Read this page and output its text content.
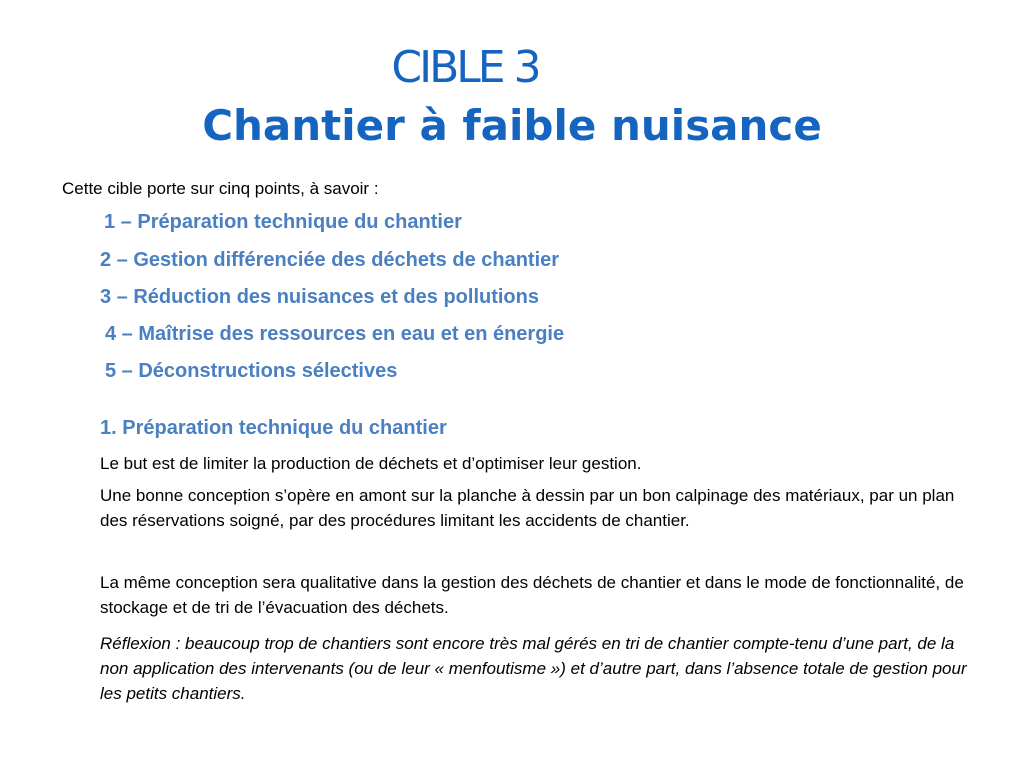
CIBLE 3
Chantier à faible nuisance
Cette cible porte sur cinq points, à savoir :
1 – Préparation technique du chantier
2 – Gestion différenciée des déchets de chantier
3 – Réduction des nuisances et des pollutions
4 – Maîtrise des ressources en eau et en énergie
5 – Déconstructions sélectives
1. Préparation technique du chantier
Le but est de limiter la production de déchets et d’optimiser leur gestion.
Une bonne conception s’opère en amont sur la planche à dessin par un bon calpinage des matériaux, par un plan des réservations soigné, par des procédures limitant les accidents de chantier.
La même conception sera qualitative dans la gestion des déchets de chantier et dans le mode de fonctionnalité, de stockage et de tri de l’évacuation des déchets.
Réflexion : beaucoup trop de chantiers sont encore très mal gérés en tri de chantier compte-tenu d’une part, de la non application des intervenants (ou de leur « menfoutisme ») et d’autre part, dans l’absence totale de gestion pour les petits chantiers.
